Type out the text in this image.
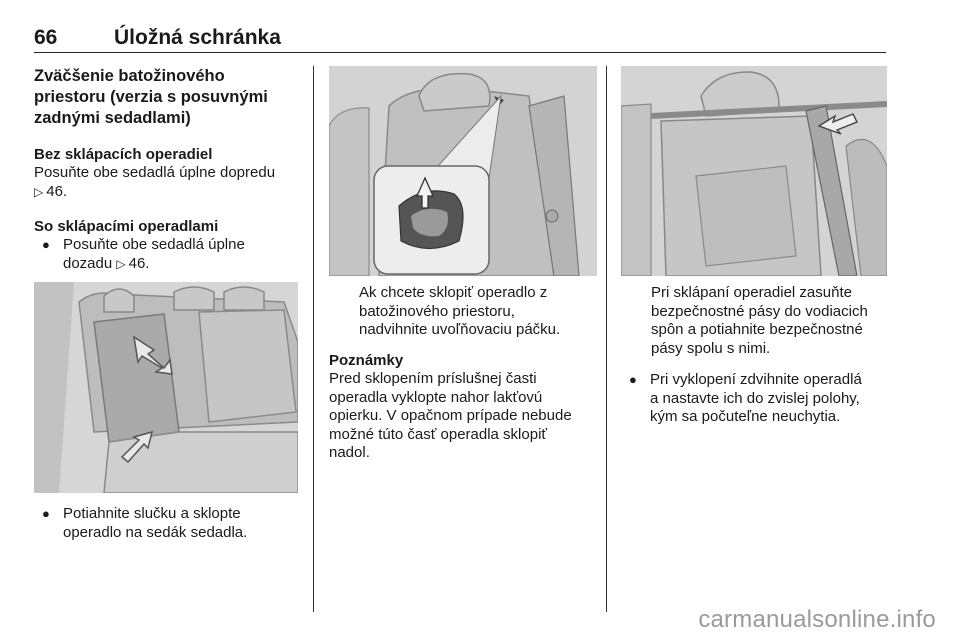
66	Úložná schránka

Zväčšenie batožinového
priestoru (verzia s posuvnými
zadnými sedadlami)

Bez sklápacích operadiel

Posuňte obe sedadlá úplne dopredu
▷ 46.

So sklápacími operadlami

● Posuňte obe sedadlá úplne
dozadu ▷ 46.
● Potiahnite slučku a sklopte
operadlo na sedák sedadla.

Ak chcete sklopiť operadlo z
batožinového priestoru,
nadvihnite uvoľňovaciu páčku.

Poznámky

Pred sklopením príslušnej časti
operadla vyklopte nahor lakťovú
opierku. V opačnom prípade nebude
možné túto časť operadla sklopiť
nadol.

Pri sklápaní operadiel zasuňte
bezpečnostné pásy do vodiacich
spôn a potiahnite bezpečnostné
pásy spolu s nimi.

● Pri vyklopení zdvihnite operadlá
a nastavte ich do zvislej polohy,
kým sa počuteľne neuchytia.
carmanualsonline.info
